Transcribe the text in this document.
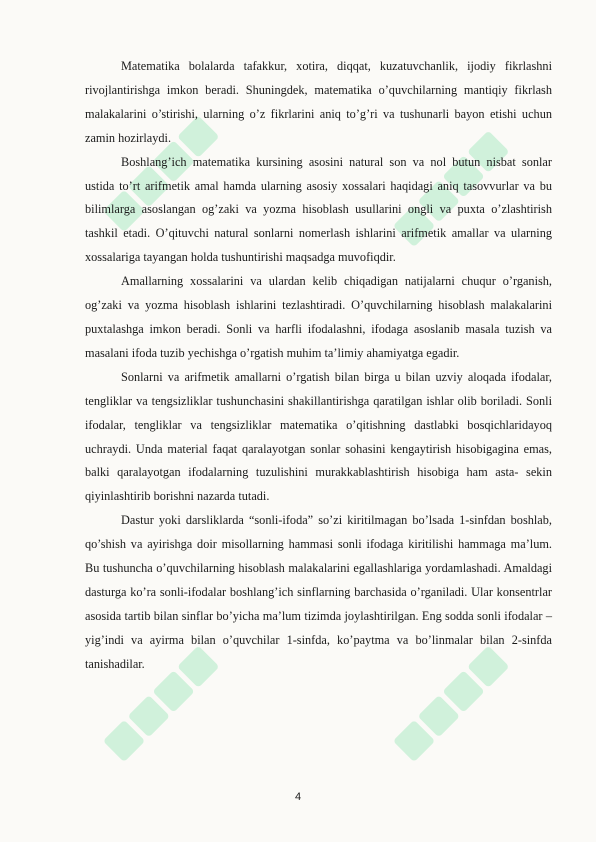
Matematika bolalarda tafakkur, xotira, diqqat, kuzatuvchanlik, ijodiy fikrlashni rivojlantirishga imkon beradi. Shuningdek, matematika o’quvchilarning mantiqiy fikrlash malakalarini o’stirishi, ularning o’z fikrlarini aniq to’g’ri va tushunarli bayon etishi uchun zamin hozirlaydi.

Boshlang’ich matematika kursining asosini natural son va nol butun nisbat sonlar ustida to’rt arifmetik amal hamda ularning asosiy xossalari haqidagi aniq tasovvurlar va bu bilimlarga asoslangan og’zaki va yozma hisoblash usullarini ongli va puxta o’zlashtirish tashkil etadi. O’qituvchi natural sonlarni nomerlash ishlarini arifmetik amallar va ularning xossalariga tayangan holda tushuntirishi maqsadga muvofiqdir.

Amallarning xossalarini va ulardan kelib chiqadigan natijalarni chuqur o’rganish, og’zaki va yozma hisoblash ishlarini tezlashtiradi. O’quvchilarning hisoblash malakalarini puxtalashga imkon beradi. Sonli va harfli ifodalashni, ifodaga asoslanib masala tuzish va masalani ifoda tuzib yechishga o’rgatish muhim ta’limiy ahamiyatga egadir.

Sonlarni va arifmetik amallarni o’rgatish bilan birga u bilan uzviy aloqada ifodalar, tengliklar va tengsizliklar tushunchasini shakillantirishga qaratilgan ishlar olib boriladi. Sonli ifodalar, tengliklar va tengsizliklar matematika o’qitishning dastlabki bosqichlaridayoq uchraydi. Unda material faqat qaralayotgan sonlar sohasini kengaytirish hisobigagina emas, balki qaralayotgan ifodalarning tuzulishini murakkablashtirish hisobiga ham asta- sekin qiyinlashtirib borishni nazarda tutadi.

Dastur yoki darsliklarda “sonli-ifoda” so’zi kiritilmagan bo’lsada 1-sinfdan boshlab, qo’shish va ayirishga doir misollarning hammasi sonli ifodaga kiritilishi hammaga ma’lum. Bu tushuncha o’quvchilarning hisoblash malakalarini egallashlariga yordamlashadi. Amaldagi dasturga ko’ra sonli-ifodalar boshlang’ich sinflarning barchasida o’rganiladi. Ular konsentrlar asosida tartib bilan sinflar bo’yicha ma’lum tizimda joylashtirilgan. Eng sodda sonli ifodalar – yig’indi va ayirma bilan o’quvchilar 1-sinfda, ko’paytma va bo’linmalar bilan 2-sinfda tanishadilar.

4
